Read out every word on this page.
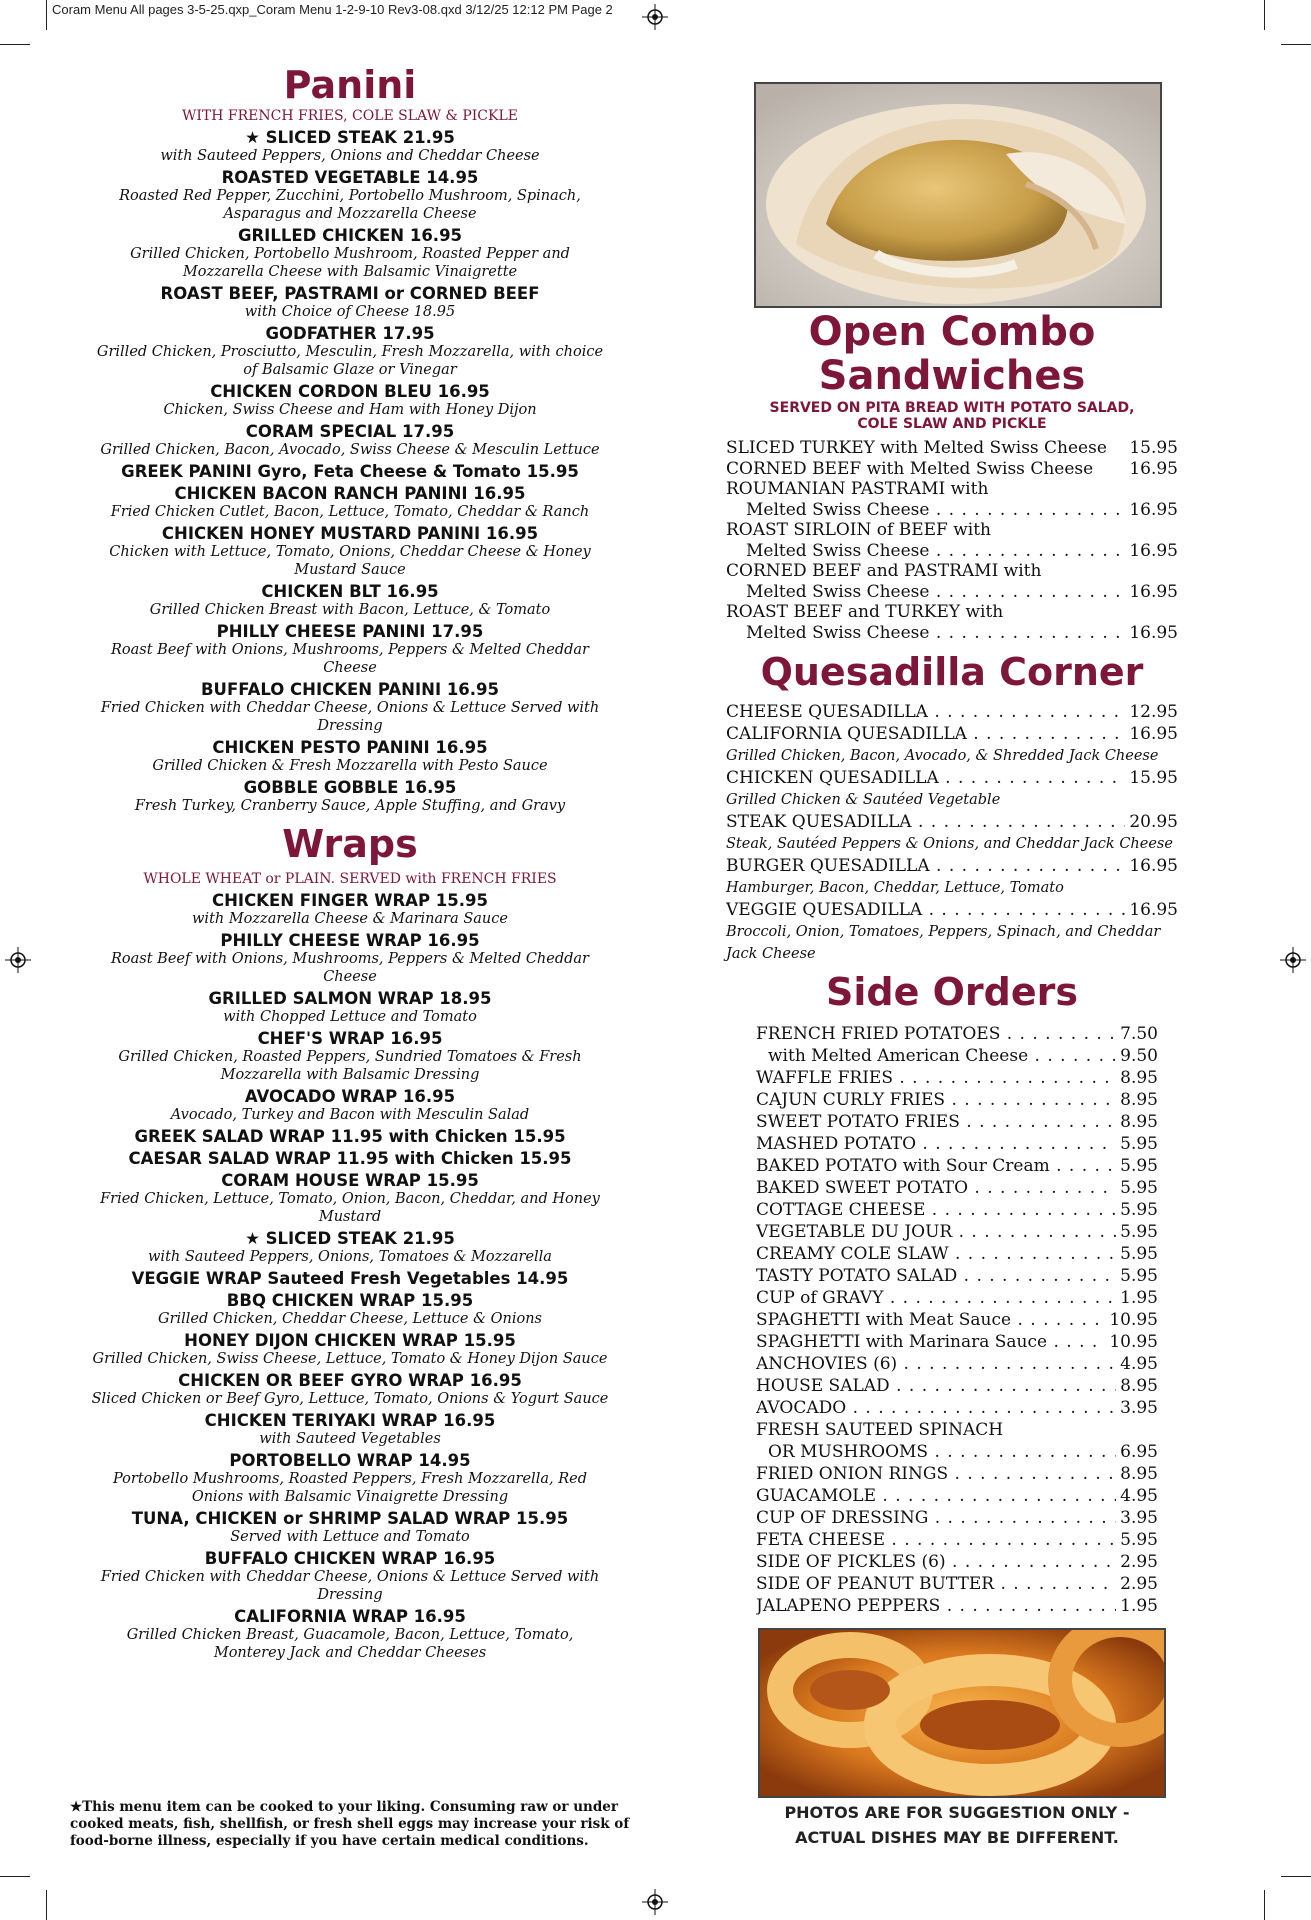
Coram Menu All pages 3-5-25.qxp_Coram Menu 1-2-9-10 Rev3-08.qxd 3/12/25 12:12 PM Page 2
Panini
WITH FRENCH FRIES, COLE SLAW & PICKLE
★ SLICED STEAK 21.95
with Sauteed Peppers, Onions and Cheddar Cheese
ROASTED VEGETABLE 14.95
Roasted Red Pepper, Zucchini, Portobello Mushroom, Spinach, Asparagus and Mozzarella Cheese
GRILLED CHICKEN 16.95
Grilled Chicken, Portobello Mushroom, Roasted Pepper and Mozzarella Cheese with Balsamic Vinaigrette
ROAST BEEF, PASTRAMI or CORNED BEEF
with Choice of Cheese 18.95
GODFATHER 17.95
Grilled Chicken, Prosciutto, Mesculin, Fresh Mozzarella, with choice of Balsamic Glaze or Vinegar
CHICKEN CORDON BLEU 16.95
Chicken, Swiss Cheese and Ham with Honey Dijon
CORAM SPECIAL 17.95
Grilled Chicken, Bacon, Avocado, Swiss Cheese & Mesculin Lettuce
GREEK PANINI Gyro, Feta Cheese & Tomato 15.95
CHICKEN BACON RANCH PANINI 16.95
Fried Chicken Cutlet, Bacon, Lettuce, Tomato, Cheddar & Ranch
CHICKEN HONEY MUSTARD PANINI 16.95
Chicken with Lettuce, Tomato, Onions, Cheddar Cheese & Honey Mustard Sauce
CHICKEN BLT 16.95
Grilled Chicken Breast with Bacon, Lettuce, & Tomato
PHILLY CHEESE PANINI 17.95
Roast Beef with Onions, Mushrooms, Peppers & Melted Cheddar Cheese
BUFFALO CHICKEN PANINI 16.95
Fried Chicken with Cheddar Cheese, Onions & Lettuce Served with Dressing
CHICKEN PESTO PANINI 16.95
Grilled Chicken & Fresh Mozzarella with Pesto Sauce
GOBBLE GOBBLE 16.95
Fresh Turkey, Cranberry Sauce, Apple Stuffing, and Gravy
Wraps
WHOLE WHEAT or PLAIN. SERVED with FRENCH FRIES
CHICKEN FINGER WRAP 15.95
with Mozzarella Cheese & Marinara Sauce
PHILLY CHEESE WRAP 16.95
Roast Beef with Onions, Mushrooms, Peppers & Melted Cheddar Cheese
GRILLED SALMON WRAP 18.95
with Chopped Lettuce and Tomato
CHEF'S WRAP 16.95
Grilled Chicken, Roasted Peppers, Sundried Tomatoes & Fresh Mozzarella with Balsamic Dressing
AVOCADO WRAP 16.95
Avocado, Turkey and Bacon with Mesculin Salad
GREEK SALAD WRAP 11.95 with Chicken 15.95
CAESAR SALAD WRAP 11.95 with Chicken 15.95
CORAM HOUSE WRAP 15.95
Fried Chicken, Lettuce, Tomato, Onion, Bacon, Cheddar, and Honey Mustard
★ SLICED STEAK 21.95
with Sauteed Peppers, Onions, Tomatoes & Mozzarella
VEGGIE WRAP Sauteed Fresh Vegetables 14.95
BBQ CHICKEN WRAP 15.95
Grilled Chicken, Cheddar Cheese, Lettuce & Onions
HONEY DIJON CHICKEN WRAP 15.95
Grilled Chicken, Swiss Cheese, Lettuce, Tomato & Honey Dijon Sauce
CHICKEN OR BEEF GYRO WRAP 16.95
Sliced Chicken or Beef Gyro, Lettuce, Tomato, Onions & Yogurt Sauce
CHICKEN TERIYAKI WRAP 16.95
with Sauteed Vegetables
PORTOBELLO WRAP 14.95
Portobello Mushrooms, Roasted Peppers, Fresh Mozzarella, Red Onions with Balsamic Vinaigrette Dressing
TUNA, CHICKEN or SHRIMP SALAD WRAP 15.95
Served with Lettuce and Tomato
BUFFALO CHICKEN WRAP 16.95
Fried Chicken with Cheddar Cheese, Onions & Lettuce Served with Dressing
CALIFORNIA WRAP 16.95
Grilled Chicken Breast, Guacamole, Bacon, Lettuce, Tomato, Monterey Jack and Cheddar Cheeses
★This menu item can be cooked to your liking. Consuming raw or under cooked meats, fish, shellfish, or fresh shell eggs may increase your risk of food-borne illness, especially if you have certain medical conditions.
Open Combo
Sandwiches
SERVED ON PITA BREAD WITH POTATO SALAD,
COLE SLAW AND PICKLE
SLICED TURKEY with Melted Swiss Cheese	15.95
CORNED BEEF with Melted Swiss Cheese	16.95
ROUMANIAN PASTRAMI with
Melted Swiss Cheese . . .	16.95
ROAST SIRLOIN of BEEF with
Melted Swiss Cheese . . .	16.95
CORNED BEEF and PASTRAMI with
Melted Swiss Cheese . . .	16.95
ROAST BEEF and TURKEY with
Melted Swiss Cheese . . .	16.95
Quesadilla Corner
CHEESE QUESADILLA . . .	12.95
CALIFORNIA QUESADILLA . . .	16.95
Grilled Chicken, Bacon, Avocado, & Shredded Jack Cheese
CHICKEN QUESADILLA . . .	15.95
Grilled Chicken & Sautéed Vegetable
STEAK QUESADILLA . . .	20.95
Steak, Sautéed Peppers & Onions, and Cheddar Jack Cheese
BURGER QUESADILLA . . .	16.95
Hamburger, Bacon, Cheddar, Lettuce, Tomato
VEGGIE QUESADILLA . . .	16.95
Broccoli, Onion, Tomatoes, Peppers, Spinach, and Cheddar Jack Cheese
Side Orders
FRENCH FRIED POTATOES . . .	7.50
with Melted American Cheese . . .	9.50
WAFFLE FRIES . . .	8.95
CAJUN CURLY FRIES . . .	8.95
SWEET POTATO FRIES . . .	8.95
MASHED POTATO . . .	5.95
BAKED POTATO with Sour Cream . . .	5.95
BAKED SWEET POTATO . . .	5.95
COTTAGE CHEESE . . .	5.95
VEGETABLE DU JOUR . . .	5.95
CREAMY COLE SLAW . . .	5.95
TASTY POTATO SALAD . . .	5.95
CUP of GRAVY . . .	1.95
SPAGHETTI with Meat Sauce . . .	10.95
SPAGHETTI with Marinara Sauce . . .	10.95
ANCHOVIES (6) . . .	4.95
HOUSE SALAD . . .	8.95
AVOCADO . . .	3.95
FRESH SAUTEED SPINACH
OR MUSHROOMS . . .	6.95
FRIED ONION RINGS . . .	8.95
GUACAMOLE . . .	4.95
CUP OF DRESSING . . .	3.95
FETA CHEESE . . .	5.95
SIDE OF PICKLES (6) . . .	2.95
SIDE OF PEANUT BUTTER . . .	2.95
JALAPENO PEPPERS . . .	1.95
PHOTOS ARE FOR SUGGESTION ONLY -
ACTUAL DISHES MAY BE DIFFERENT.
